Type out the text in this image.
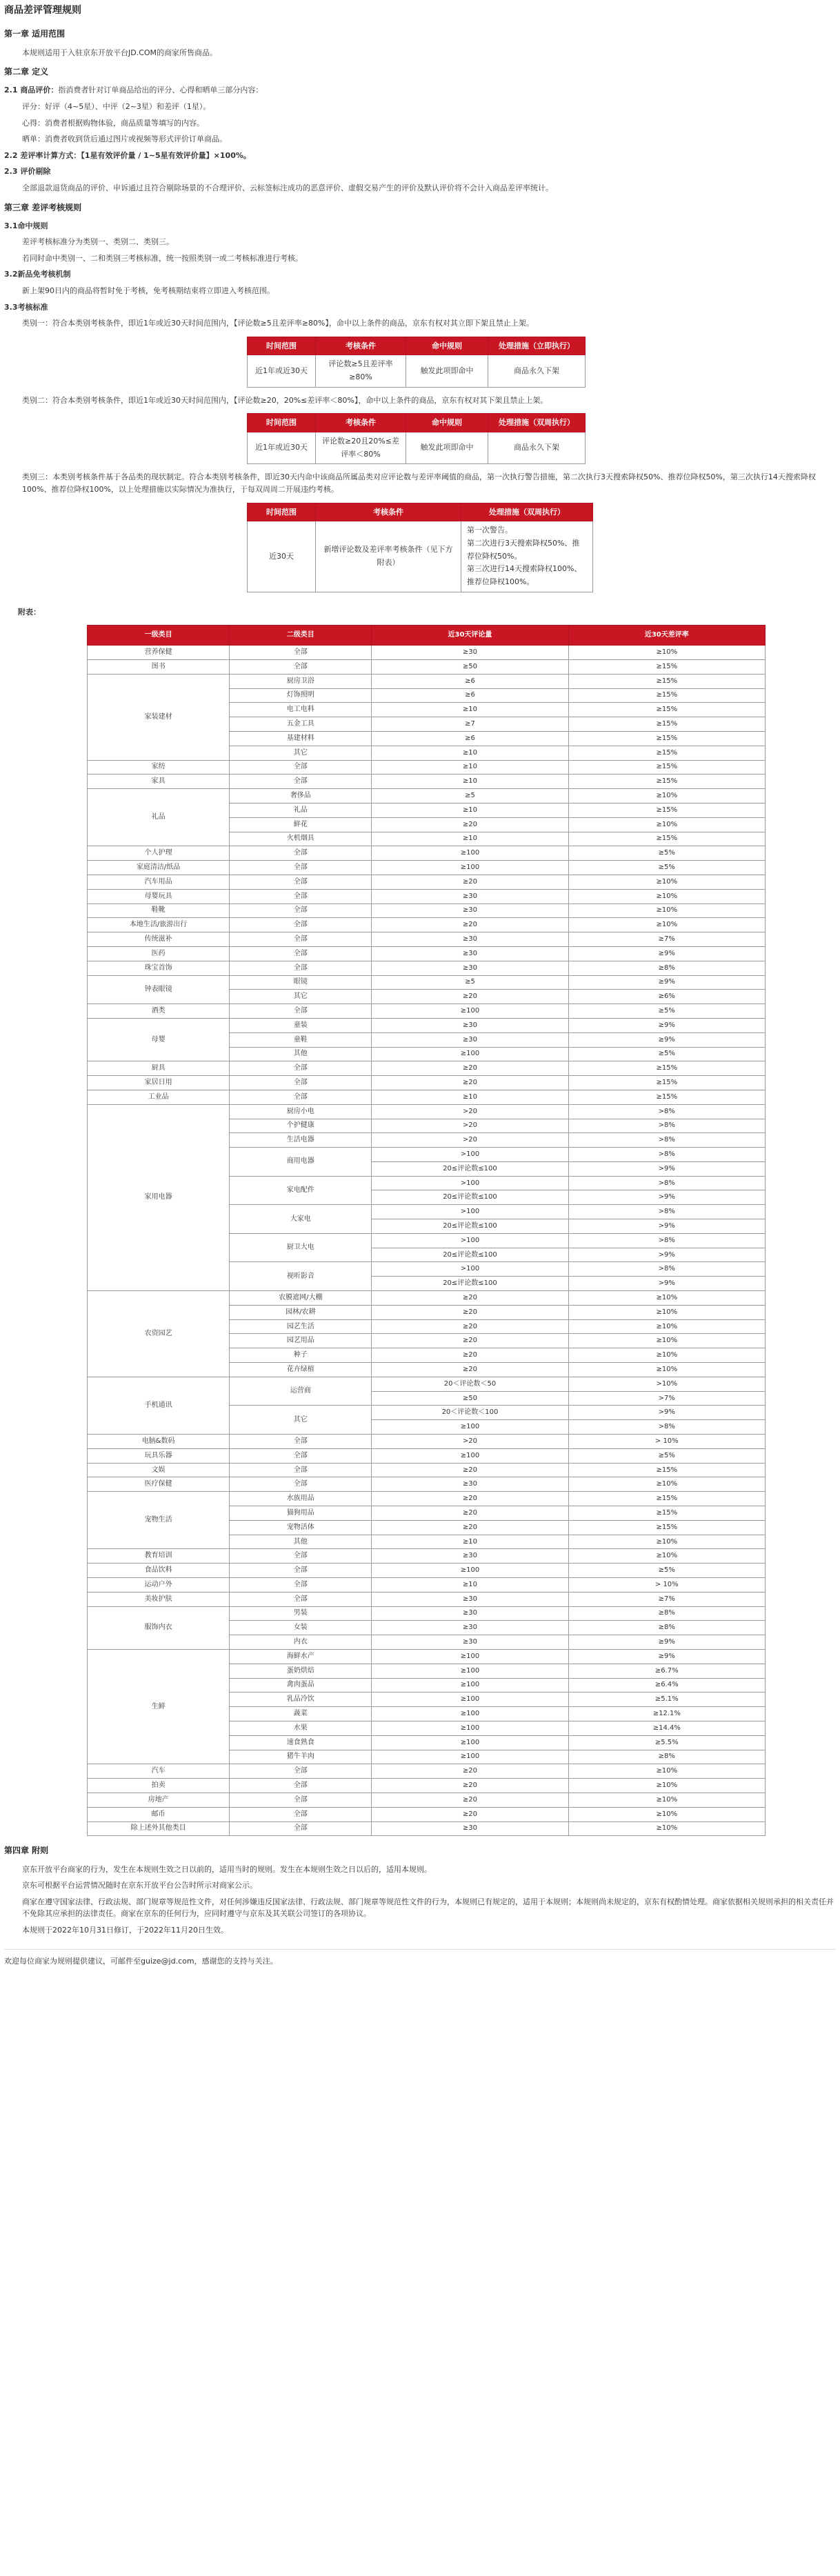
商品差评管理规则
第一章 适用范围
本规则适用于入驻京东开放平台JD.COM的商家所售商品。
第二章 定义
2.1 商品评价：指消费者针对订单商品给出的评分、心得和晒单三部分内容：
评分：好评（4~5星）、中评（2~3星）和差评（1星）。
心得：消费者根据购物体验，商品质量等填写的内容。
晒单：消费者收到货后通过图片或视频等形式评价订单商品。
2.2 差评率计算方式：【1星有效评价量 / 1~5星有效评价量】×100%。
2.3 评价剔除
全部退款退货商品的评价、申诉通过且符合剔除场景的不合理评价、云标签标注成功的恶意评价、虚假交易产生的评价及默认评价将不会计入商品差评率统计。
第三章 差评考核规则
3.1命中规则
差评考核标准分为类别一、类别二、类别三。
若同时命中类别一、二和类别三考核标准，统一按照类别一或二考核标准进行考核。
3.2新品免考核机制
新上架90日内的商品将暂时免于考核，免考核期结束将立即进入考核范围。
3.3考核标准
类别一：符合本类别考核条件，即近1年或近30天时间范围内，【评论数≥5且差评率≥80%】，命中以上条件的商品，京东有权对其立即下架且禁止上架。
时间范围	考核条件	命中规则	处理措施（立即执行）
近1年或近30天	评论数≥5且差评率≥80%	触发此项即命中	商品永久下架
类别二：符合本类别考核条件，即近1年或近30天时间范围内，【评论数≥20，20%≤差评率＜80%】，命中以上条件的商品，京东有权对其下架且禁止上架。
时间范围	考核条件	命中规则	处理措施（双周执行）
近1年或近30天	评论数≥20且20%≤差评率＜80%	触发此项即命中	商品永久下架
类别三：本类别考核条件基于各品类的现状制定。符合本类别考核条件，即近30天内命中该商品所属品类对应评论数与差评率阈值的商品，第一次执行警告措施，第二次执行3天搜索降权50%、推荐位降权50%，第三次执行14天搜索降权100%、推荐位降权100%，以上处理措施以实际情况为准执行，于每双周周二开展违约考核。
时间范围	考核条件	处理措施（双周执行）
近30天	新增评论数及差评率考核条件（见下方附表）	第一次警告。
第二次进行3天搜索降权50%、推荐位降权50%。
第三次进行14天搜索降权100%、推荐位降权100%。
附表：
一级类目	二级类目	近30天评论量	近30天差评率
营养保健	全部	≥30	≥10%
图书	全部	≥50	≥15%
家装建材	厨房卫浴	≥6	≥15%
	灯饰照明	≥6	≥15%
	电工电料	≥10	≥15%
	五金工具	≥7	≥15%
	基建材料	≥6	≥15%
	其它	≥10	≥15%
家纺	全部	≥10	≥15%
家具	全部	≥10	≥15%
礼品	奢侈品	≥5	≥10%
	礼品	≥10	≥15%
	鲜花	≥20	≥10%
	火机烟具	≥10	≥15%
个人护理	全部	≥100	≥5%
家庭清洁/纸品	全部	≥100	≥5%
汽车用品	全部	≥20	≥10%
母婴玩具	全部	≥30	≥10%
鞋靴	全部	≥30	≥10%
本地生活/旅游出行	全部	≥20	≥10%
传统滋补	全部	≥30	≥7%
医药	全部	≥30	≥9%
珠宝首饰	全部	≥30	≥8%
钟表眼镜	眼镜	≥5	≥9%
	其它	≥20	≥6%
酒类	全部	≥100	≥5%
母婴	童装	≥30	≥9%
	童鞋	≥30	≥9%
	其他	≥100	≥5%
厨具	全部	≥20	≥15%
家居日用	全部	≥20	≥15%
工业品	全部	≥10	≥15%
家用电器	厨房小电	>20	>8%
	个护健康	>20	>8%
	生活电器	>20	>8%
	商用电器	>100	>8%
		20≤评论数≤100	>9%
	家电配件	>100	>8%
		20≤评论数≤100	>9%
	大家电	>100	>8%
		20≤评论数≤100	>9%
	厨卫大电	>100	>8%
		20≤评论数≤100	>9%
	视听影音	>100	>8%
		20≤评论数≤100	>9%
农资园艺	农膜遮网/大棚	≥20	≥10%
	园林/农耕	≥20	≥10%
	园艺生活	≥20	≥10%
	园艺用品	≥20	≥10%
	种子	≥20	≥10%
	花卉绿植	≥20	≥10%
手机通讯	运营商	20＜评论数＜50	>10%
		≥50	>7%
	其它	20＜评论数＜100	>9%
		≥100	>8%
电脑&数码	全部	>20	> 10%
玩具乐器	全部	≥100	≥5%
文娱	全部	≥20	≥15%
医疗保健	全部	≥30	≥10%
宠物生活	水族用品	≥20	≥15%
	猫狗用品	≥20	≥15%
	宠物活体	≥20	≥15%
	其他	≥10	≥10%
教育培训	全部	≥30	≥10%
食品饮料	全部	≥100	≥5%
运动户外	全部	≥10	> 10%
美妆护肤	全部	≥30	≥7%
服饰内衣	男装	≥30	≥8%
	女装	≥30	≥8%
	内衣	≥30	≥9%
生鲜	海鲜水产	≥100	≥9%
	蛋奶烘焙	≥100	≥6.7%
	禽肉蛋品	≥100	≥6.4%
	乳品冷饮	≥100	≥5.1%
	蔬菜	≥100	≥12.1%
	水果	≥100	≥14.4%
	速食熟食	≥100	≥5.5%
	猪牛羊肉	≥100	≥8%
汽车	全部	≥20	≥10%
拍卖	全部	≥20	≥10%
房地产	全部	≥20	≥10%
邮币	全部	≥20	≥10%
除上述外其他类目	全部	≥30	≥10%
第四章 附则
京东开放平台商家的行为，发生在本规则生效之日以前的，适用当时的规则。发生在本规则生效之日以后的，适用本规则。
京东可根据平台运营情况随时在京东开放平台公告时所示对商家公示。
商家在遵守国家法律、行政法规、部门规章等规范性文件，对任何涉嫌违反国家法律、行政法规、部门规章等规范性文件的行为，本规则已有规定的，适用于本规则；本规则尚未规定的，京东有权酌情处理。商家依据相关规则承担的相关责任并不免除其应承担的法律责任。商家在京东的任何行为，应同时遵守与京东及其关联公司签订的各项协议。
本规则于2022年10月31日修订，于2022年11月20日生效。
欢迎每位商家为规则提供建议，可邮件至guize@jd.com，感谢您的支持与关注。
